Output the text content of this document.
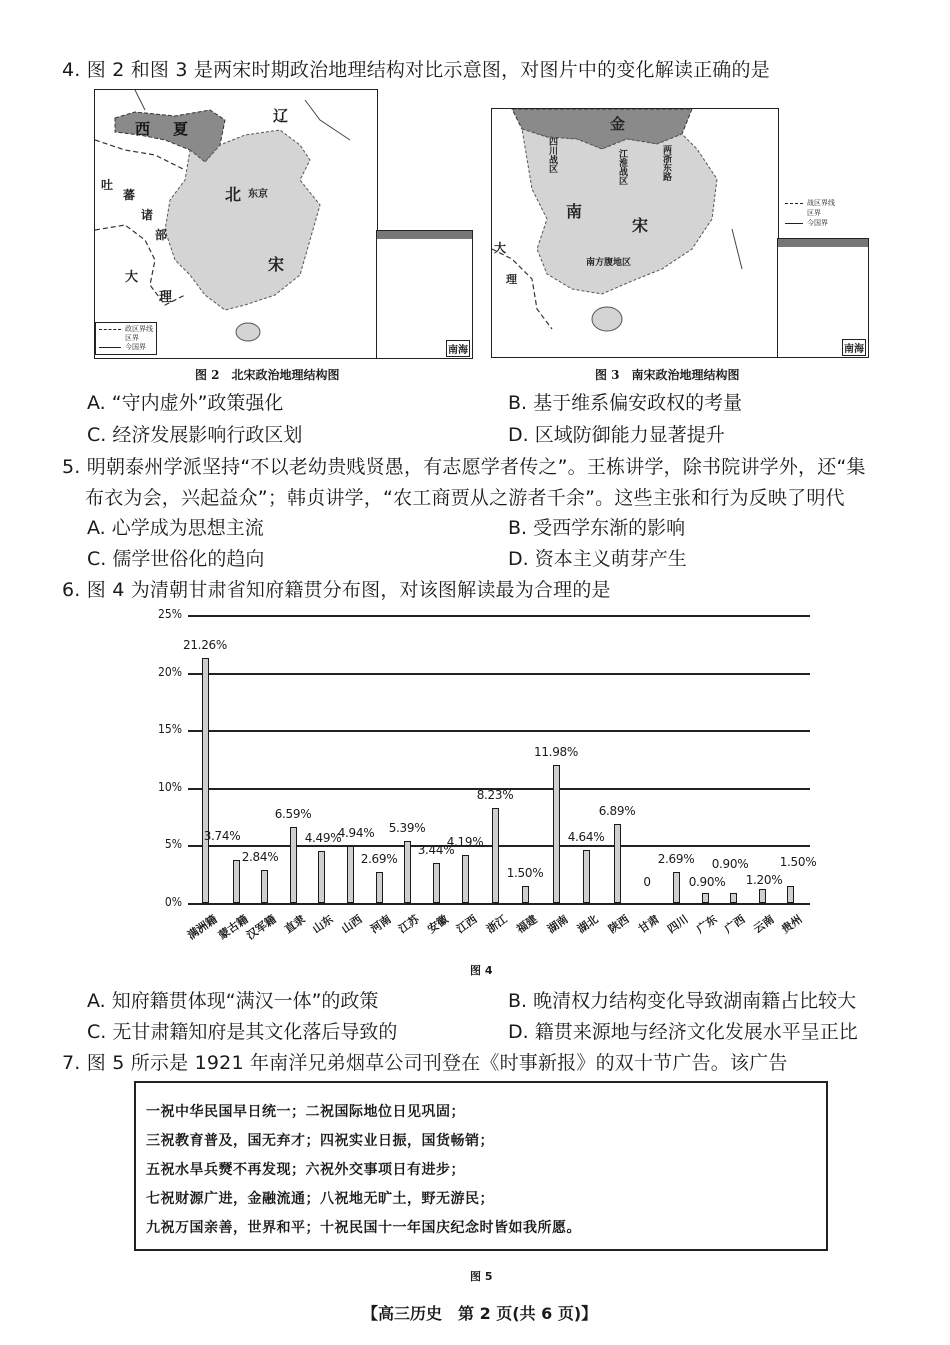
4. 图 2 和图 3 是两宋时期政治地理结构对比示意图，对图片中的变化解读正确的是
西 夏
辽
北 东京
宋
吐
蕃
诸
部
大
理
政区界线
区界
今国界	南海
图 2　北宋政治地理结构图
金
南
宋
四川战区	江淮战区	两浙东路
南方腹地区
大
理
战区界线
区界
今国界
南海
图 3　南宋政治地理结构图
A. “守内虚外”政策强化	B. 基于维系偏安政权的考量
C. 经济发展影响行政区划	D. 区域防御能力显著提升
5. 明朝泰州学派坚持“不以老幼贵贱贤愚，有志愿学者传之”。王栋讲学，除书院讲学外，还“集
布衣为会，兴起益众”；韩贞讲学，“农工商贾从之游者千余”。这些主张和行为反映了明代
A. 心学成为思想主流	B. 受西学东渐的影响
C. 儒学世俗化的趋向	D. 资本主义萌芽产生
6. 图 4 为清朝甘肃省知府籍贯分布图，对该图解读最为合理的是
0%
5%
10%
15%
20%
25%
21.26%
3.74%
2.84%
6.59%
4.49%
4.94%
2.69%
5.39%
3.44%
4.19%
8.23%
1.50%
11.98%
4.64%
6.89%
0
2.69%
0.90%
0.90%
1.20%
1.50%
满洲籍
蒙古籍
汉军籍 直隶 山东 山西 河南 江苏 安徽 江西 浙江 福建 湖南 湖北 陕西 甘肃 四川 广东 广西 云南 贵州
图 4
A. 知府籍贯体现“满汉一体”的政策	B. 晚清权力结构变化导致湖南籍占比较大
C. 无甘肃籍知府是其文化落后导致的	D. 籍贯来源地与经济文化发展水平呈正比
7. 图 5 所示是 1921 年南洋兄弟烟草公司刊登在《时事新报》的双十节广告。该广告
一祝中华民国早日统一；二祝国际地位日见巩固；
三祝教育普及，国无弃才；四祝实业日振，国货畅销；
五祝水旱兵燹不再发现；六祝外交事项日有进步；
七祝财源广进，金融流通；八祝地无旷土，野无游民；
九祝万国亲善，世界和平；十祝民国十一年国庆纪念时皆如我所愿。
图 5
【高三历史　第 2 页(共 6 页)】
